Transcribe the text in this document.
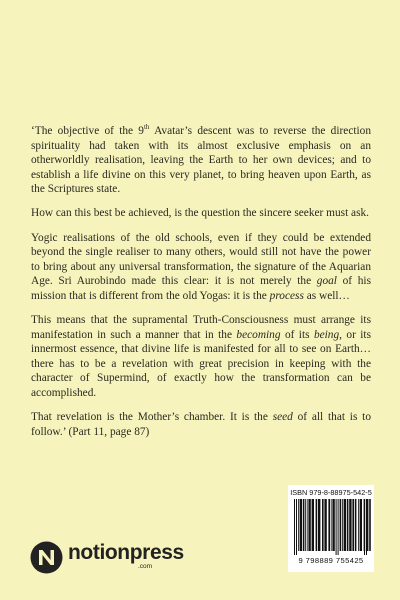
‘The objective of the 9th Avatar’s descent was to reverse the direction spirituality had taken with its almost exclusive emphasis on an otherworldly realisation, leaving the Earth to her own devices; and to establish a life divine on this very planet, to bring heaven upon Earth, as the Scriptures state.

How can this best be achieved, is the question the sincere seeker must ask.

Yogic realisations of the old schools, even if they could be extended beyond the single realiser to many others, would still not have the power to bring about any universal transformation, the signature of the Aquarian Age. Sri Aurobindo made this clear: it is not merely the goal of his mission that is different from the old Yogas: it is the process as well…

This means that the supramental Truth-Consciousness must arrange its manifestation in such a manner that in the becoming of its being, or its innermost essence, that divine life is manifested for all to see on Earth… there has to be a revelation with great precision in keeping with the character of Supermind, of exactly how the transformation can be accomplished.

That revelation is the Mother’s chamber. It is the seed of all that is to follow.’ (Part 11, page 87)

ISBN 979-8-88975-542-5
9 798889 755425
notionpress
.com
